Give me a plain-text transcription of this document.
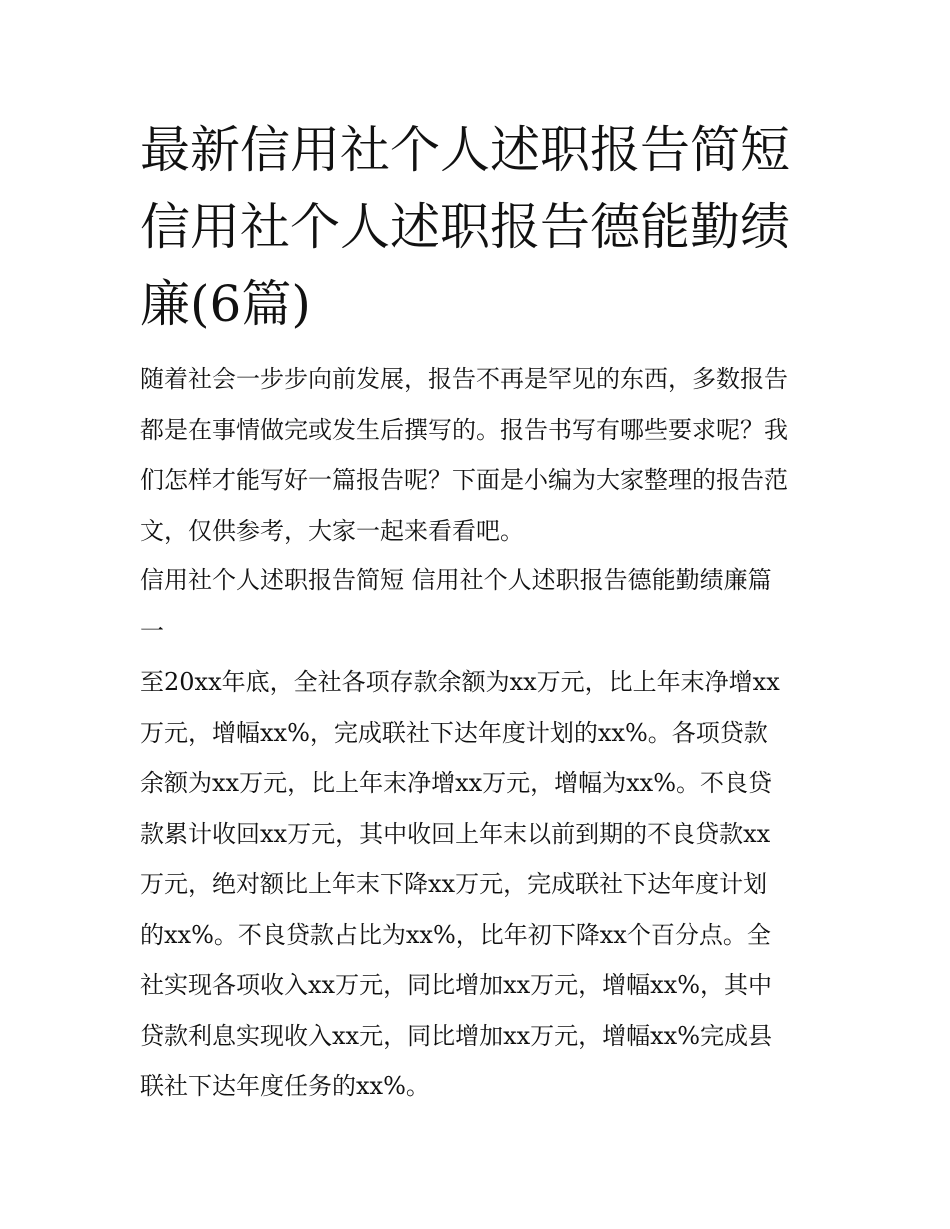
最新信用社个人述职报告简短
信用社个人述职报告德能勤绩
廉(6篇)

随着社会一步步向前发展，报告不再是罕见的东西，多数报告
都是在事情做完或发生后撰写的。报告书写有哪些要求呢？我
们怎样才能写好一篇报告呢？下面是小编为大家整理的报告范
文，仅供参考，大家一起来看看吧。

信用社个人述职报告简短 信用社个人述职报告德能勤绩廉篇
一

至20xx年底，全社各项存款余额为xx万元，比上年末净增xx
万元，增幅xx%，完成联社下达年度计划的xx%。各项贷款
余额为xx万元，比上年末净增xx万元，增幅为xx%。不良贷
款累计收回xx万元，其中收回上年末以前到期的不良贷款xx
万元，绝对额比上年末下降xx万元，完成联社下达年度计划
的xx%。不良贷款占比为xx%，比年初下降xx个百分点。全
社实现各项收入xx万元，同比增加xx万元，增幅xx%，其中
贷款利息实现收入xx元，同比增加xx万元，增幅xx%完成县
联社下达年度任务的xx%。
